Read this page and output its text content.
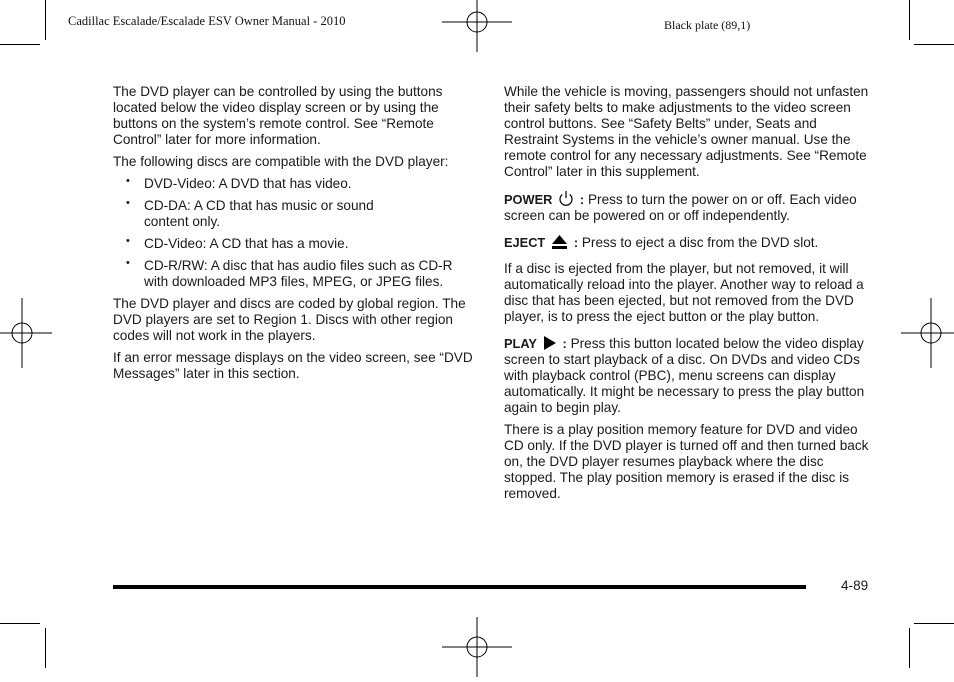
Cadillac Escalade/Escalade ESV Owner Manual - 2010	Black plate (89,1)

The DVD player can be controlled by using the buttons located below the video display screen or by using the buttons on the system’s remote control. See “Remote Control” later for more information.

The following discs are compatible with the DVD player:

• DVD-Video: A DVD that has video.
• CD-DA: A CD that has music or sound content only.
• CD-Video: A CD that has a movie.
• CD-R/RW: A disc that has audio files such as CD-R with downloaded MP3 files, MPEG, or JPEG files.

The DVD player and discs are coded by global region. The DVD players are set to Region 1. Discs with other region codes will not work in the players.

If an error message displays on the video screen, see “DVD Messages” later in this section.

While the vehicle is moving, passengers should not unfasten their safety belts to make adjustments to the video screen control buttons. See “Safety Belts” under, Seats and Restraint Systems in the vehicle’s owner manual. Use the remote control for any necessary adjustments. See “Remote Control” later in this supplement.

POWER : Press to turn the power on or off. Each video screen can be powered on or off independently.

EJECT : Press to eject a disc from the DVD slot.

If a disc is ejected from the player, but not removed, it will automatically reload into the player. Another way to reload a disc that has been ejected, but not removed from the DVD player, is to press the eject button or the play button.

PLAY : Press this button located below the video display screen to start playback of a disc. On DVDs and video CDs with playback control (PBC), menu screens can display automatically. It might be necessary to press the play button again to begin play.

There is a play position memory feature for DVD and video CD only. If the DVD player is turned off and then turned back on, the DVD player resumes playback where the disc stopped. The play position memory is erased if the disc is removed.

4-89
